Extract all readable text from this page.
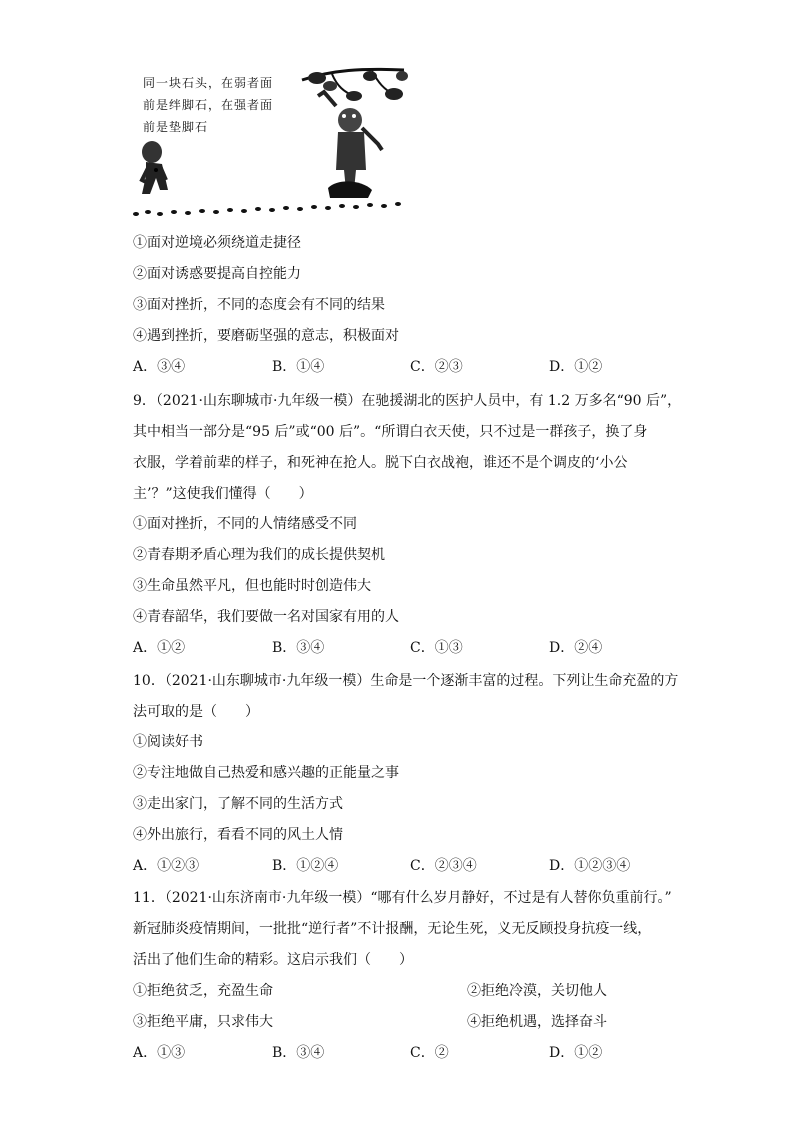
同一块石头，在弱者面前是绊脚石，在强者面前是垫脚石
①面对逆境必须绕道走捷径
②面对诱惑要提高自控能力
③面对挫折，不同的态度会有不同的结果
④遇到挫折，要磨砺坚强的意志，积极面对
A．③④	B．①④	C．②③	D．①②
9．（2021·山东聊城市·九年级一模）在驰援湖北的医护人员中，有 1.2 万多名“90 后”，
其中相当一部分是“95 后”或“00 后”。“所谓白衣天使，只不过是一群孩子，换了身
衣服，学着前辈的样子，和死神在抢人。脱下白衣战袍，谁还不是个调皮的‘小公
主’？”这使我们懂得（　　）
①面对挫折，不同的人情绪感受不同
②青春期矛盾心理为我们的成长提供契机
③生命虽然平凡，但也能时时创造伟大
④青春韶华，我们要做一名对国家有用的人
A．①②	B．③④	C．①③	D．②④
10．（2021·山东聊城市·九年级一模）生命是一个逐渐丰富的过程。下列让生命充盈的方
法可取的是（　　）
①阅读好书
②专注地做自己热爱和感兴趣的正能量之事
③走出家门，了解不同的生活方式
④外出旅行，看看不同的风土人情
A．①②③	B．①②④	C．②③④	D．①②③④
11．（2021·山东济南市·九年级一模）“哪有什么岁月静好，不过是有人替你负重前行。”
新冠肺炎疫情期间，一批批“逆行者”不计报酬，无论生死，义无反顾投身抗疫一线，
活出了他们生命的精彩。这启示我们（　　）
①拒绝贫乏，充盈生命	②拒绝冷漠，关切他人
③拒绝平庸，只求伟大	④拒绝机遇，选择奋斗
A．①③	B．③④	C．②	D．①②
